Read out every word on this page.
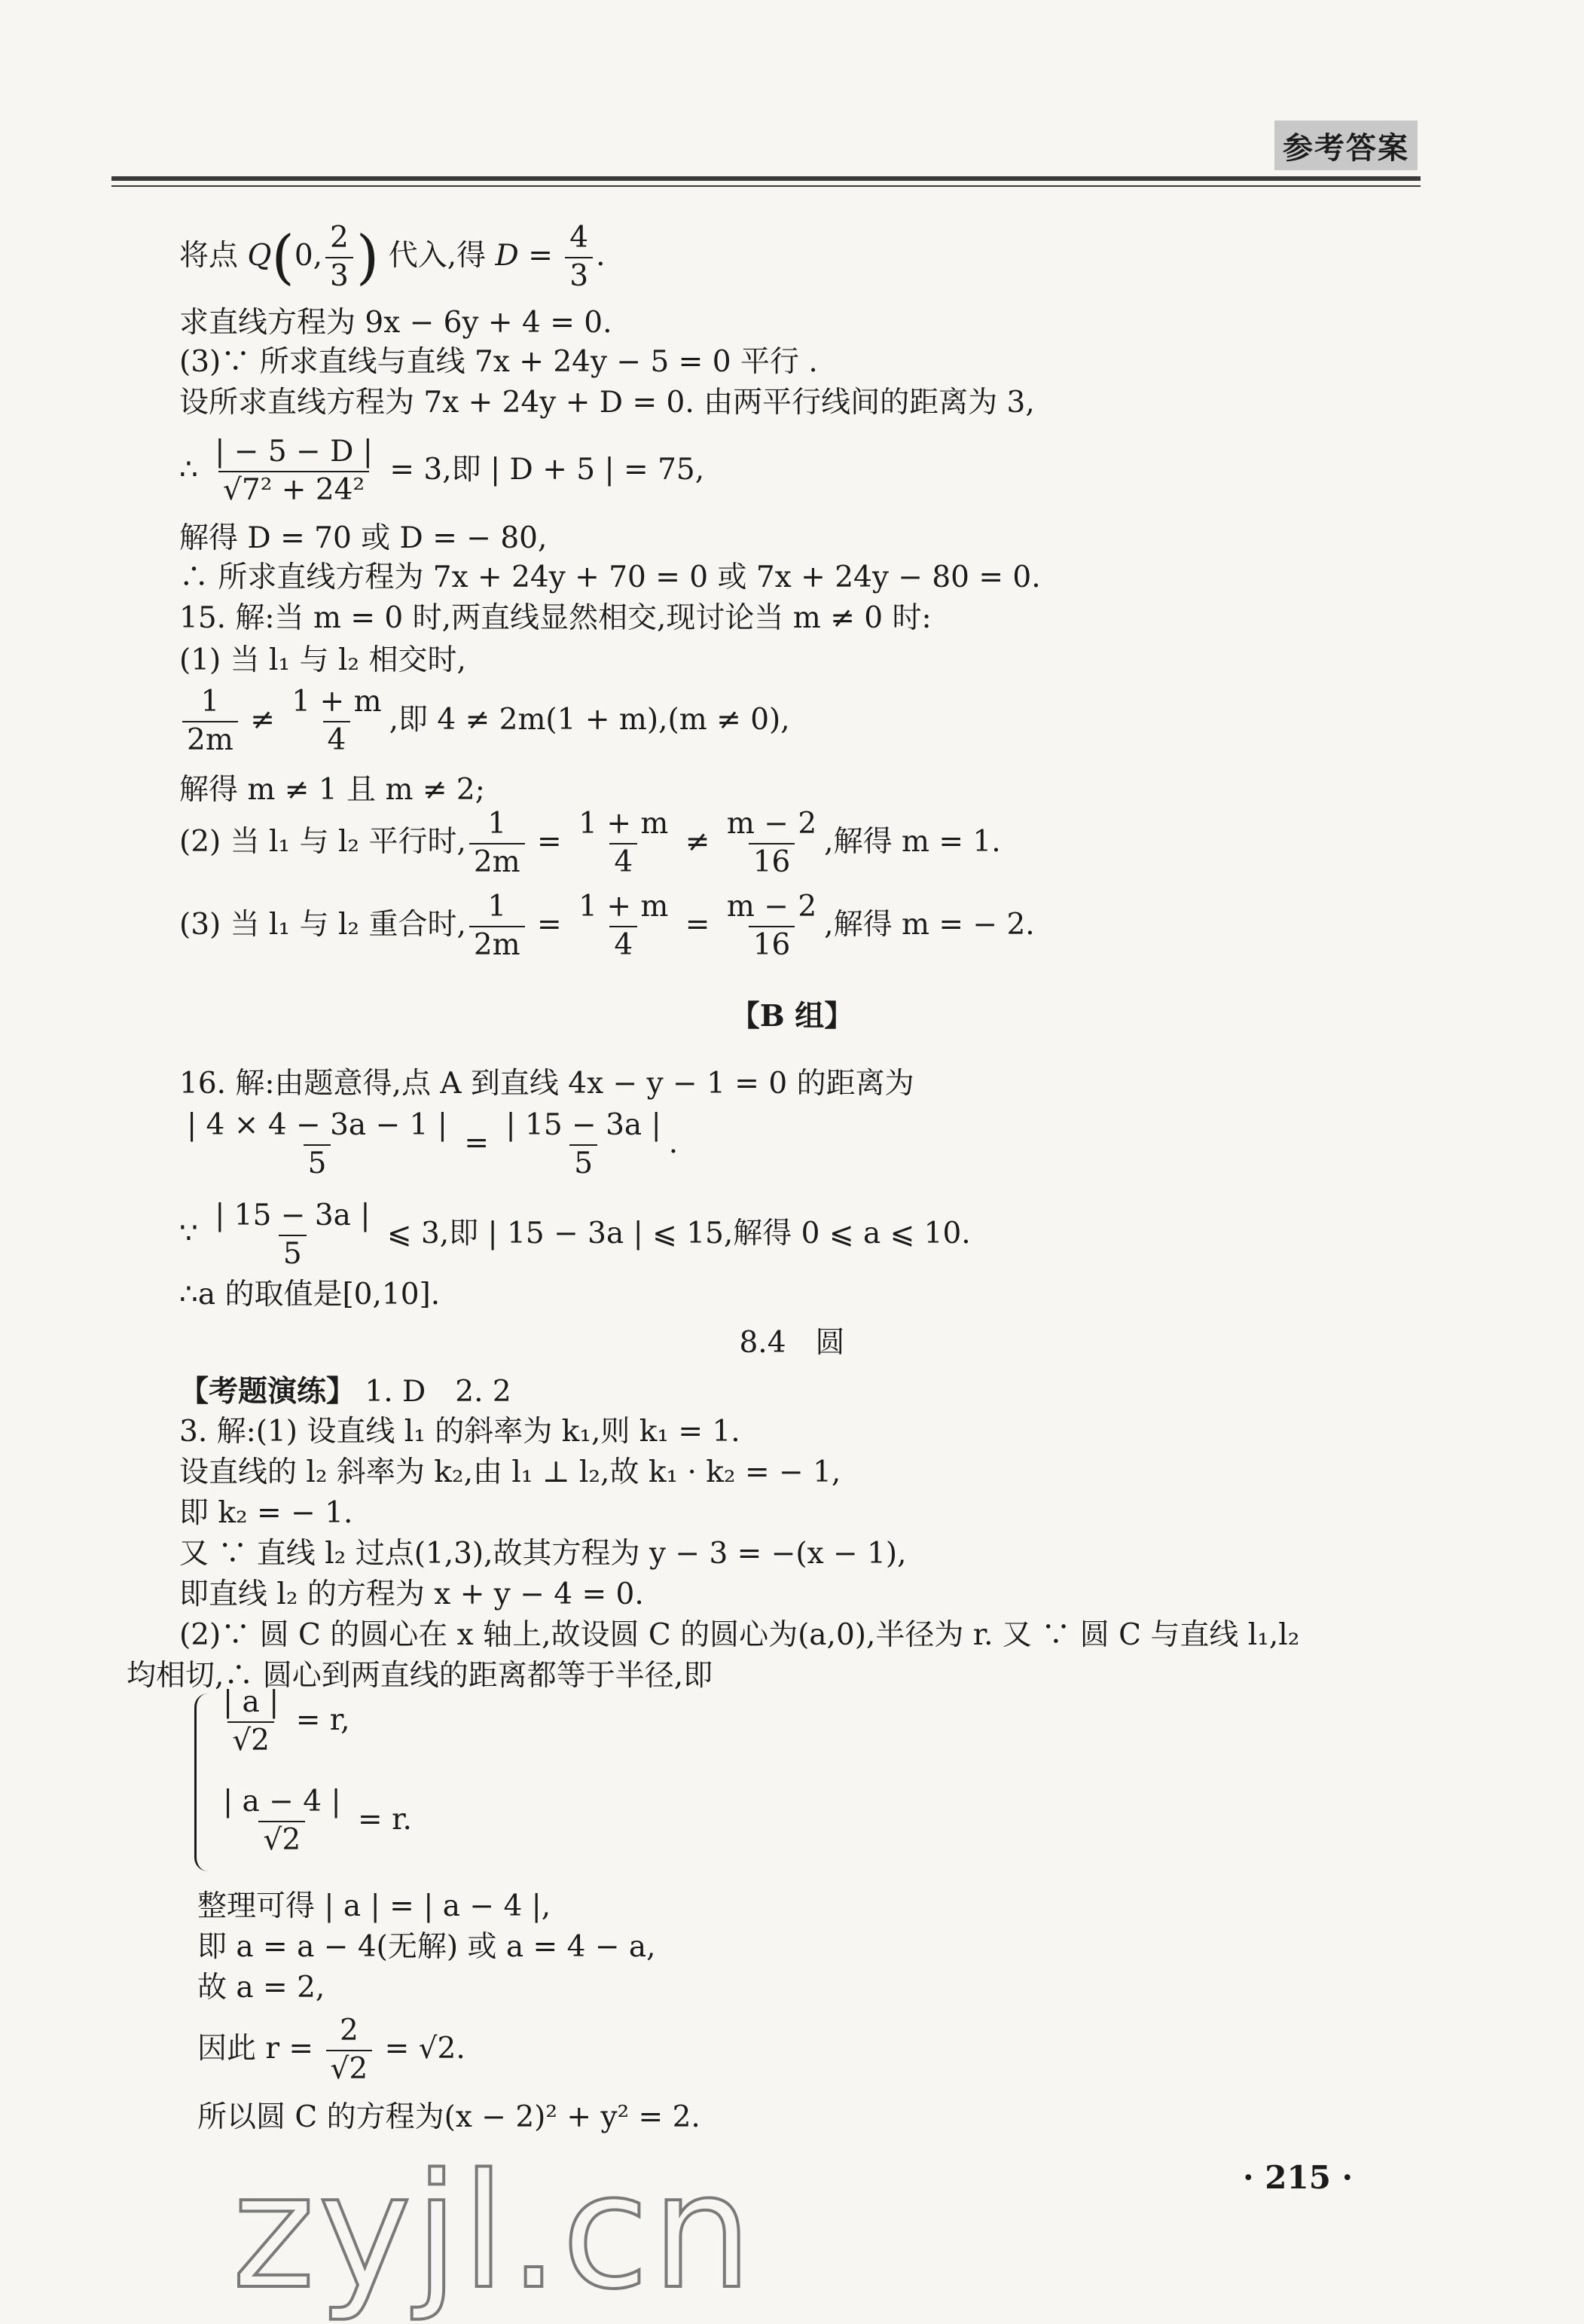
参考答案
将点 Q(0, $\frac{2}{3}$ ) 代入,得 $D = \frac{4}{3}$ .
求直线方程为 9x − 6y + 4 = 0.
(3)∵ 所求直线与直线 7x + 24y − 5 = 0 平行 .
设所求直线方程为 7x + 24y + D = 0. 由两平行线间的距离为 3,
∴ $\frac{| - 5 - D |}{\text{√7² + 24²}} = 3$,即 | D + 5 | = 75,
解得 D = 70 或 D = − 80,
∴ 所求直线方程为 7x + 24y + 70 = 0 或 7x + 24y − 80 = 0.
15. 解:当 m = 0 时,两直线显然相交,现讨论当 m ≠ 0 时:
(1) 当 l₁ 与 l₂ 相交时,
$\frac{1}{2m} \ne \frac{1 + m}{4}$ ,即 4 ≠ 2m(1 + m),(m ≠ 0),
解得 m ≠ 1 且 m ≠ 2;
(2) 当 l₁ 与 l₂ 平行时, $\frac{1}{2m} = \frac{1 + m}{4} \ne \frac{m - 2}{16}$ ,解得 m = 1.
(3) 当 l₁ 与 l₂ 重合时, $\frac{1}{2m} = \frac{1 + m}{4} = \frac{m - 2}{16}$ ,解得 m = − 2.
【B 组】
16. 解:由题意得,点 A 到直线 4x − y − 1 = 0 的距离为
$\frac{| 4 \times 4 - 3a - 1 |}{5} = \frac{| 15 - 3a |}{5}$ .
∵ $\frac{| 15 - 3a |}{5}$ ⩽ 3,即 | 15 − 3a | ⩽ 15,解得 0 ⩽ a ⩽ 10.
∴a 的取值是[0,10].
8.4　圆
【考题演练】 1. D　2. 2
3. 解:(1) 设直线 l₁ 的斜率为 k₁,则 k₁ = 1.
设直线的 l₂ 斜率为 k₂,由 l₁ ⊥ l₂,故 k₁ · k₂ = − 1,
即 k₂ = − 1.
又 ∵ 直线 l₂ 过点(1,3),故其方程为 y − 3 = −(x − 1),
即直线 l₂ 的方程为 x + y − 4 = 0.
(2)∵ 圆 C 的圆心在 x 轴上,故设圆 C 的圆心为(a,0),半径为 r. 又 ∵ 圆 C 与直线 l₁,l₂
均相切,∴ 圆心到两直线的距离都等于半径,即
$\frac{| a |}{√2} = r$,
$\frac{| a - 4 |}{√2} = r$.
整理可得 | a | = | a − 4 |,
即 a = a − 4(无解) 或 a = 4 − a,
故 a = 2,
因此 $r = \frac{2}{√2} = √2$.
所以圆 C 的方程为(x − 2)² + y² = 2.
zyjl.cn	· 215 ·
